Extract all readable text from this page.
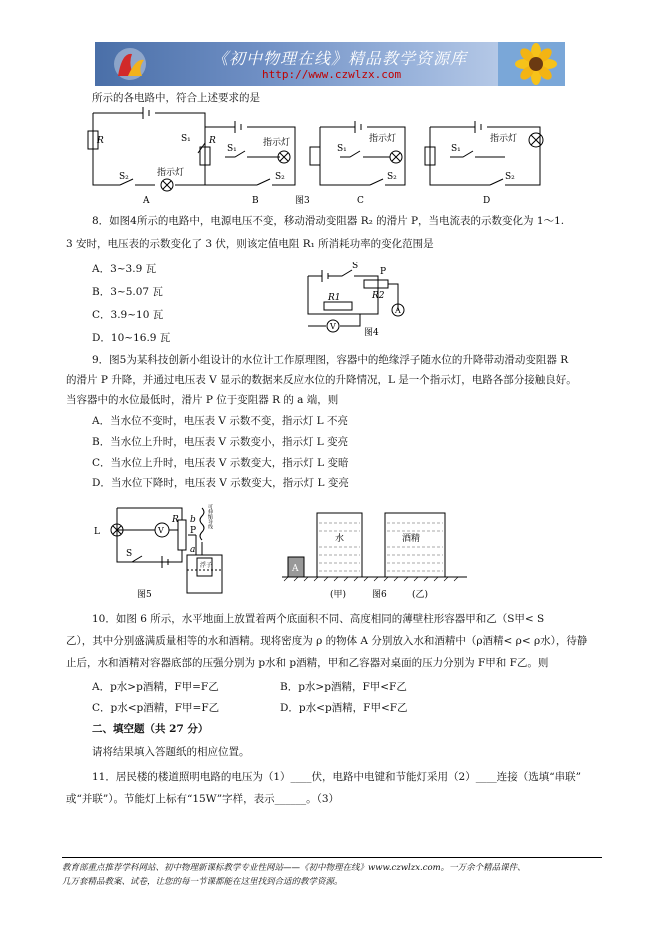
《初中物理在线》精品教学资源库
http://www.czwlzx.com
所示的各电路中，符合上述要求的是
R	S₁
S₂	指示灯
R
S₁
指示灯
S₂
S₁
指示灯
S₂
S₁
指示灯
S₂
A	B	图3	C	D
8．如图4所示的电路中，电源电压不变，移动滑动变阻器 R₂ 的滑片 P，当电流表的示数变化为 1～1.
3 安时，电压表的示数变化了 3 伏，则该定值电阻 R₁ 所消耗功率的变化范围是
A．3~3.9 瓦
B．3~5.07 瓦
C．3.9~10 瓦
D．10~16.9 瓦
S
P
R2
R1
A
V
图4
9．图5为某科技创新小组设计的水位计工作原理图，容器中的绝缘浮子随水位的升降带动滑动变阻器 R
的滑片 P 升降，并通过电压表 V 显示的数据来反应水位的升降情况，L 是一个指示灯，电路各部分接触良好。
当容器中的水位最低时，滑片 P 位于变阻器 R 的 a 端，则
A．当水位不变时，电压表 V 示数不变，指示灯 L 不亮
B．当水位上升时，电压表 V 示数变小，指示灯 L 变亮
C．当水位上升时，电压表 V 示数变大，指示灯 L 变暗
D．当水位下降时，电压表 V 示数变大，指示灯 L 变亮
L	V
R
P
b
a
S
浮子
图5
可伸缩导线
A
水	酒精
(甲)	图6	(乙)
10．如图 6 所示，水平地面上放置着两个底面积不同、高度相同的薄壁柱形容器甲和乙（S甲< S
乙），其中分别盛满质量相等的水和酒精。现将密度为 ρ 的物体 A 分别放入水和酒精中（ρ酒精< ρ< ρ水），待静
止后，水和酒精对容器底部的压强分别为 p水和 p酒精，甲和乙容器对桌面的压力分别为 F甲和 F乙。则
A．p水>p酒精，F甲=F乙	B．p水>p酒精，F甲<F乙
C．p水<p酒精，F甲=F乙	D．p水<p酒精，F甲<F乙
二、填空题（共 27 分）
请将结果填入答题纸的相应位置。
11．居民楼的楼道照明电路的电压为（1）____伏，电路中电键和节能灯采用（2）____连接（选填“串联”
或“并联”）。节能灯上标有“15W”字样，表示______。（3）
教育部重点推荐学科网站、初中物理新课标教学专业性网站——《初中物理在线》www.czwlzx.com。一万余个精品课件、
几万套精品教案、试卷，让您的每一节课都能在这里找到合适的教学资源。
